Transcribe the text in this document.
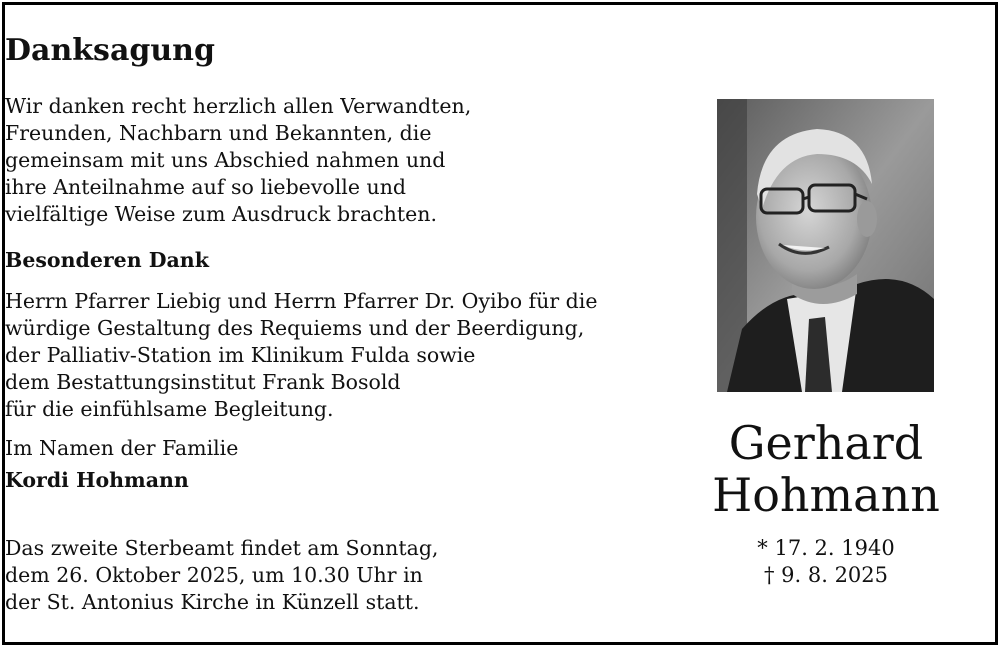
Danksagung
Wir danken recht herzlich allen Verwandten,
Freunden, Nachbarn und Bekannten, die
gemeinsam mit uns Abschied nahmen und
ihre Anteilnahme auf so liebevolle und
vielfältige Weise zum Ausdruck brachten.
Besonderen Dank
Herrn Pfarrer Liebig und Herrn Pfarrer Dr. Oyibo für die
würdige Gestaltung des Requiems und der Beerdigung,
der Palliativ-Station im Klinikum Fulda sowie
dem Bestattungsinstitut Frank Bosold
für die einfühlsame Begleitung.
Im Namen der Familie
Kordi Hohmann
Das zweite Sterbeamt findet am Sonntag,
dem 26. Oktober 2025, um 10.30 Uhr in
der St. Antonius Kirche in Künzell statt.
Gerhard
Hohmann
* 17. 2. 1940
† 9. 8. 2025
